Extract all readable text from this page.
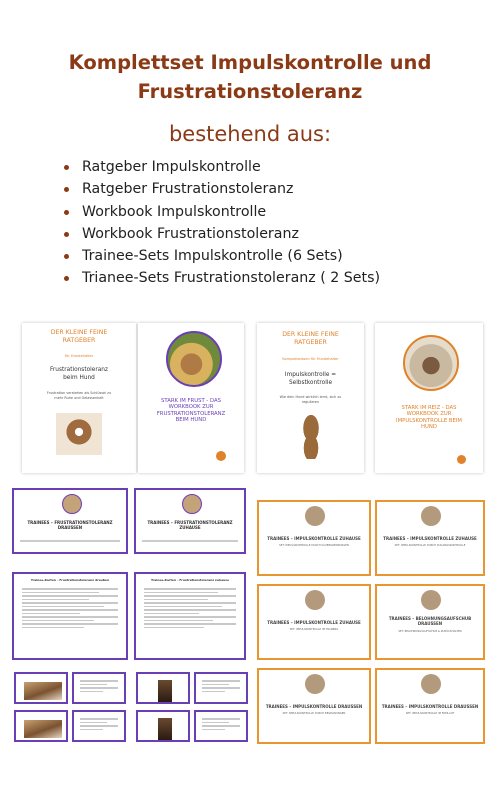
Komplettset Impulskontrolle und
Frustrationstoleranz
bestehend aus:
Ratgeber Impulskontrolle
Ratgeber Frustrationstoleranz
Workbook Impulskontrolle
Workbook Frustrationstoleranz
Trainee-Sets Impulskontrolle (6 Sets)
Trianee-Sets Frustrationstoleranz ( 2 Sets)
DER KLEINE FEINE RATGEBER
für Hundehalter
Frustrationstoleranz beim Hund
Frustration verstehen als Schlüssel zu mehr Ruhe und Gelassenheit	STARK IM FRUST - DAS WORKBOOK ZUR FRUSTRATIONSTOLERANZ BEIM HUND
DER KLEINE FEINE RATGEBER
Kompaktwissen für Hundehalter
Impulskontrolle = Selbstkontrolle
Wie dein Hund wirklich lernt, sich zu regulieren
STARK IM REIZ - DAS WORKBOOK ZUR IMPULSKONTROLLE BEIM HUND
TRAINEES – FRUSTRATIONSTOLERANZ DRAUSSEN
TRAINEES – FRUSTRATIONSTOLERANZ ZUHAUSE
Trainee-Karten - Frustrationstoleranz draußen	Trainee-Karten - Frustrationstoleranz zuhause
TRAINEES – IMPULSKONTROLLE ZUHAUSE
SET: IMPULSKONTROLLE DURCH KAUBEGRENZUNGEN
TRAINEES – IMPULSKONTROLLE ZUHAUSE
SET: IMPULSKONTROLLE DURCH ZUGANGSKONTROLLE
TRAINEES – IMPULSKONTROLLE ZUHAUSE
SET: IMPULSKONTROLLE IM TRAINING
TRAINEES – BELOHNUNGSAUFSCHUB DRAUSSEN
SET: BELOHNUNGSAUFSCHUB & ZURÜCKHALTEN
TRAINEES – IMPULSKONTROLLE DRAUSSEN
SET: IMPULSKONTROLLE DURCH BEGEGNUNGEN
TRAINEES – IMPULSKONTROLLE DRAUSSEN
SET: IMPULSKONTROLLE IM FREILAUF
